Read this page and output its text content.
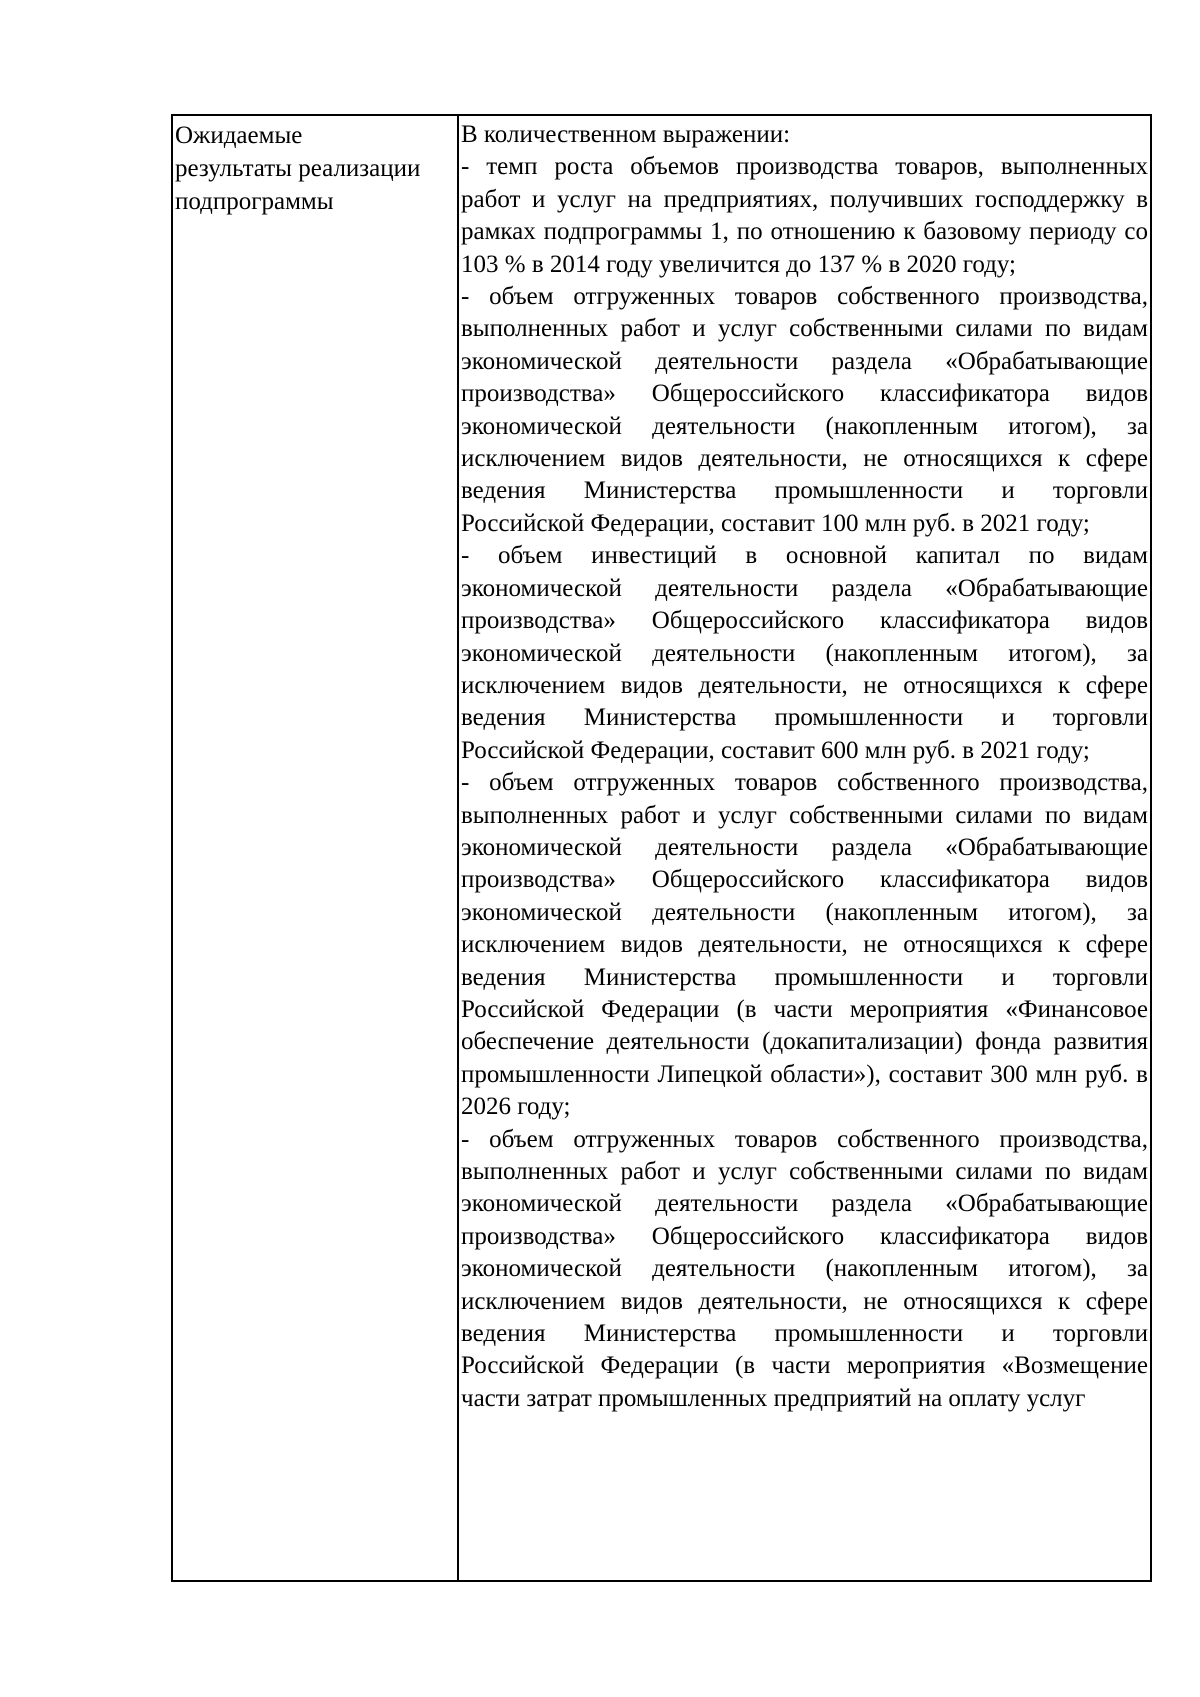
Ожидаемые
результаты реализации
подпрограммы

В количественном выражении:

- темп роста объемов производства товаров, выполненных работ и услуг на предприятиях, получивших господдержку в рамках подпрограммы 1, по отношению к базовому периоду со 103 % в 2014 году увеличится до 137 % в 2020 году;

- объем отгруженных товаров собственного производства, выполненных работ и услуг собственными силами по видам экономической деятельности раздела «Обрабатывающие производства» Общероссийского классификатора видов экономической деятельности (накопленным итогом), за исключением видов деятельности, не относящихся к сфере ведения Министерства промышленности и торговли Российской Федерации, составит 100 млн руб. в 2021 году;

- объем инвестиций в основной капитал по видам экономической деятельности раздела «Обрабатывающие производства» Общероссийского классификатора видов экономической деятельности (накопленным итогом), за исключением видов деятельности, не относящихся к сфере ведения Министерства промышленности и торговли Российской Федерации, составит 600 млн руб. в 2021 году;

- объем отгруженных товаров собственного производства, выполненных работ и услуг собственными силами по видам экономической деятельности раздела «Обрабатывающие производства» Общероссийского классификатора видов экономической деятельности (накопленным итогом), за исключением видов деятельности, не относящихся к сфере ведения Министерства промышленности и торговли Российской Федерации (в части мероприятия «Финансовое обеспечение деятельности (докапитализации) фонда развития промышленности Липецкой области»), составит 300 млн руб. в 2026 году;

- объем отгруженных товаров собственного производства, выполненных работ и услуг собственными силами по видам экономической деятельности раздела «Обрабатывающие производства» Общероссийского классификатора видов экономической деятельности (накопленным итогом), за исключением видов деятельности, не относящихся к сфере ведения Министерства промышленности и торговли Российской Федерации (в части мероприятия «Возмещение части затрат промышленных предприятий на оплату услуг
